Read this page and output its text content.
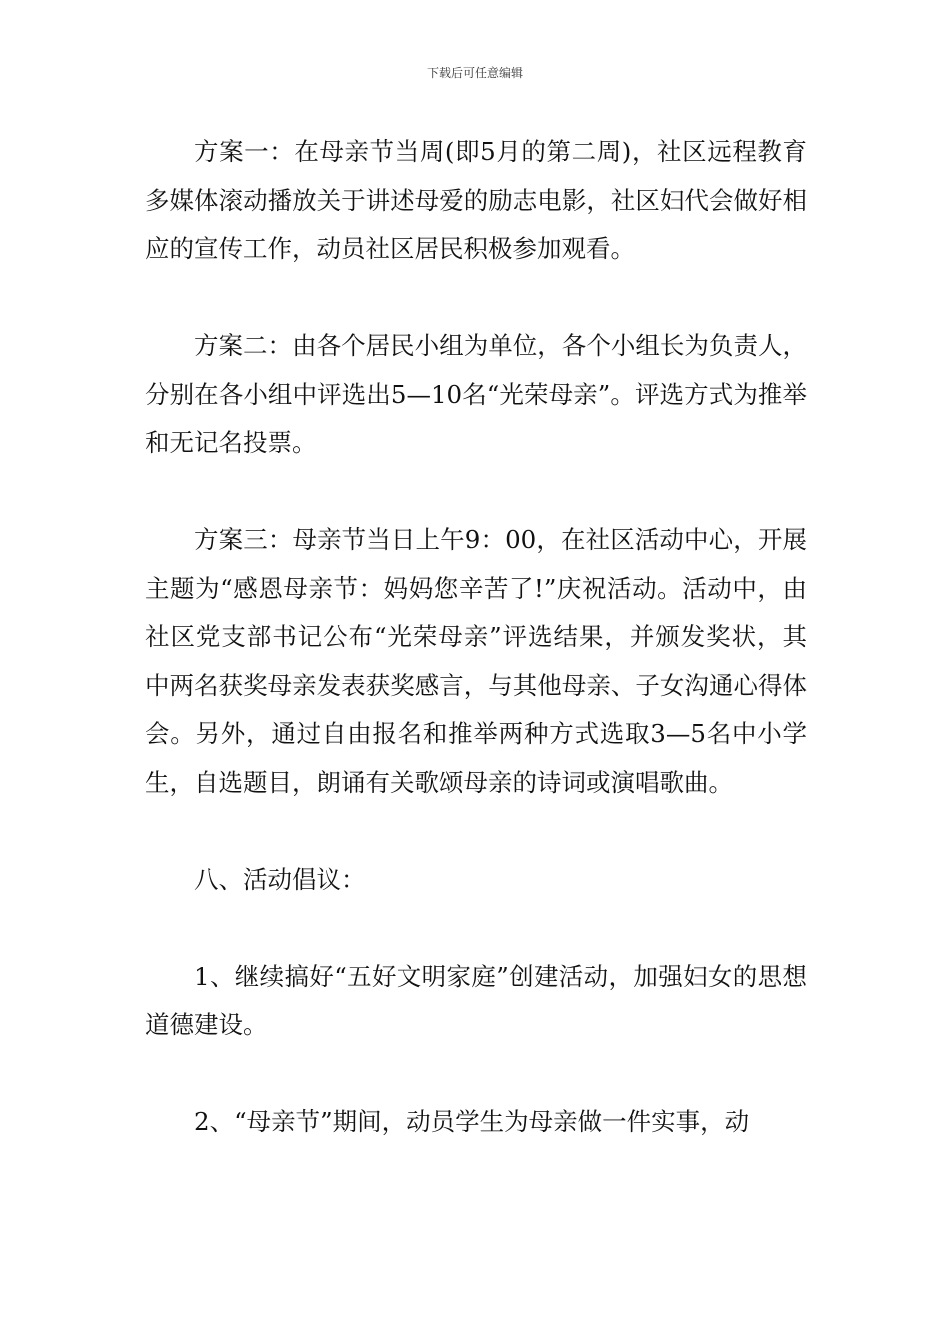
下载后可任意编辑

方案一：在母亲节当周(即5月的第二周)，社区远程教育多媒体滚动播放关于讲述母爱的励志电影，社区妇代会做好相应的宣传工作，动员社区居民积极参加观看。

方案二：由各个居民小组为单位，各个小组长为负责人，分别在各小组中评选出5—10名“光荣母亲”。评选方式为推举和无记名投票。

方案三：母亲节当日上午9：00，在社区活动中心，开展主题为“感恩母亲节：妈妈您辛苦了!”庆祝活动。活动中，由社区党支部书记公布“光荣母亲”评选结果，并颁发奖状，其中两名获奖母亲发表获奖感言，与其他母亲、子女沟通心得体会。另外，通过自由报名和推举两种方式选取3—5名中小学生，自选题目，朗诵有关歌颂母亲的诗词或演唱歌曲。

八、活动倡议：

1、继续搞好“五好文明家庭”创建活动，加强妇女的思想道德建设。

2、“母亲节”期间，动员学生为母亲做一件实事，动
